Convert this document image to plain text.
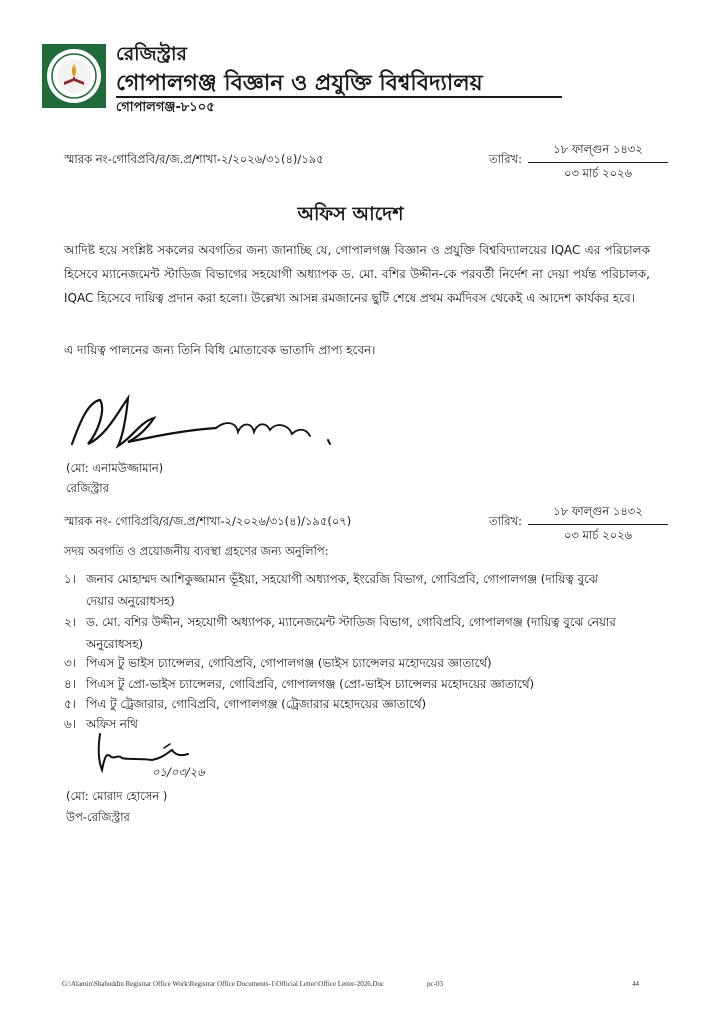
রেজিস্ট্রার
গোপালগঞ্জ বিজ্ঞান ও প্রযুক্তি বিশ্ববিদ্যালয়
গোপালগঞ্জ-৮১০৫
স্মারক নং-গোবিপ্রবি/র/জ.প্র/শাখা-২/২০২৬/৩১(৪)/১৯৫	তারিখ:
১৮ ফাল্গুন ১৪৩২
০৩ মার্চ ২০২৬
অফিস আদেশ
আদিষ্ট হয়ে সংশ্লিষ্ট সকলের অবগতির জন্য জানাচ্ছি যে, গোপালগঞ্জ বিজ্ঞান ও প্রযুক্তি বিশ্ববিদ্যালয়ের IQAC এর পরিচালক হিসেবে ম্যানেজমেন্ট স্টাডিজ বিভাগের সহযোগী অধ্যাপক ড. মো. বশির উদ্দীন-কে পরবর্তী নির্দেশ না দেয়া পর্যন্ত পরিচালক, IQAC হিসেবে দায়িত্ব প্রদান করা হলো। উল্লেখ্য আসন্ন রমজানের ছুটি শেষে প্রথম কর্মদিবস থেকেই এ আদেশ কার্যকর হবে।
এ দায়িত্ব পালনের জন্য তিনি বিধি মোতাবেক ভাতাদি প্রাপ্য হবেন।
(মো: এনামউজ্জামান)
রেজিস্ট্রার
স্মারক নং- গোবিপ্রবি/র/জ.প্র/শাখা-২/২০২৬/৩১(৪)/১৯৫(০৭)	তারিখ:
১৮ ফাল্গুন ১৪৩২
০৩ মার্চ ২০২৬
সদয় অবগতি ও প্রয়োজনীয় ব্যবস্থা গ্রহণের জন্য অনুলিপি:
১। জনাব মোহাম্মদ আশিকুজ্জামান ভূঁইয়া, সহযোগী অধ্যাপক, ইংরেজি বিভাগ, গোবিপ্রবি, গোপালগঞ্জ (দায়িত্ব বুঝে
দেয়ার অনুরোধসহ)
২। ড. মো. বশির উদ্দীন, সহযোগী অধ্যাপক, ম্যানেজমেন্ট স্টাডিজ বিভাগ, গোবিপ্রবি, গোপালগঞ্জ (দায়িত্ব বুঝে নেয়ার
অনুরোধসহ)
৩। পিএস টু ভাইস চ্যান্সেলর, গোবিপ্রবি, গোপালগঞ্জ (ভাইস চ্যান্সেলর মহোদয়ের জ্ঞাতার্থে)
৪। পিএস টু প্রো-ভাইস চ্যান্সেলর, গোবিপ্রবি, গোপালগঞ্জ (প্রো-ভাইস চ্যান্সেলর মহোদয়ের জ্ঞাতার্থে)
৫। পিএ টু ট্রেজারার, গোবিপ্রবি, গোপালগঞ্জ (ট্রেজারার মহোদয়ের জ্ঞাতার্থে)
৬। অফিস নথি
০১/০৩/২৬
(মো: মোরাদ হোসেন )
উপ-রেজিস্ট্রার
G:\Alamin\Shahuddin Registrar Office Work\Registrar Office Documents-1\Official Letter\Office Letter-2026.Doc	pc-03	44
